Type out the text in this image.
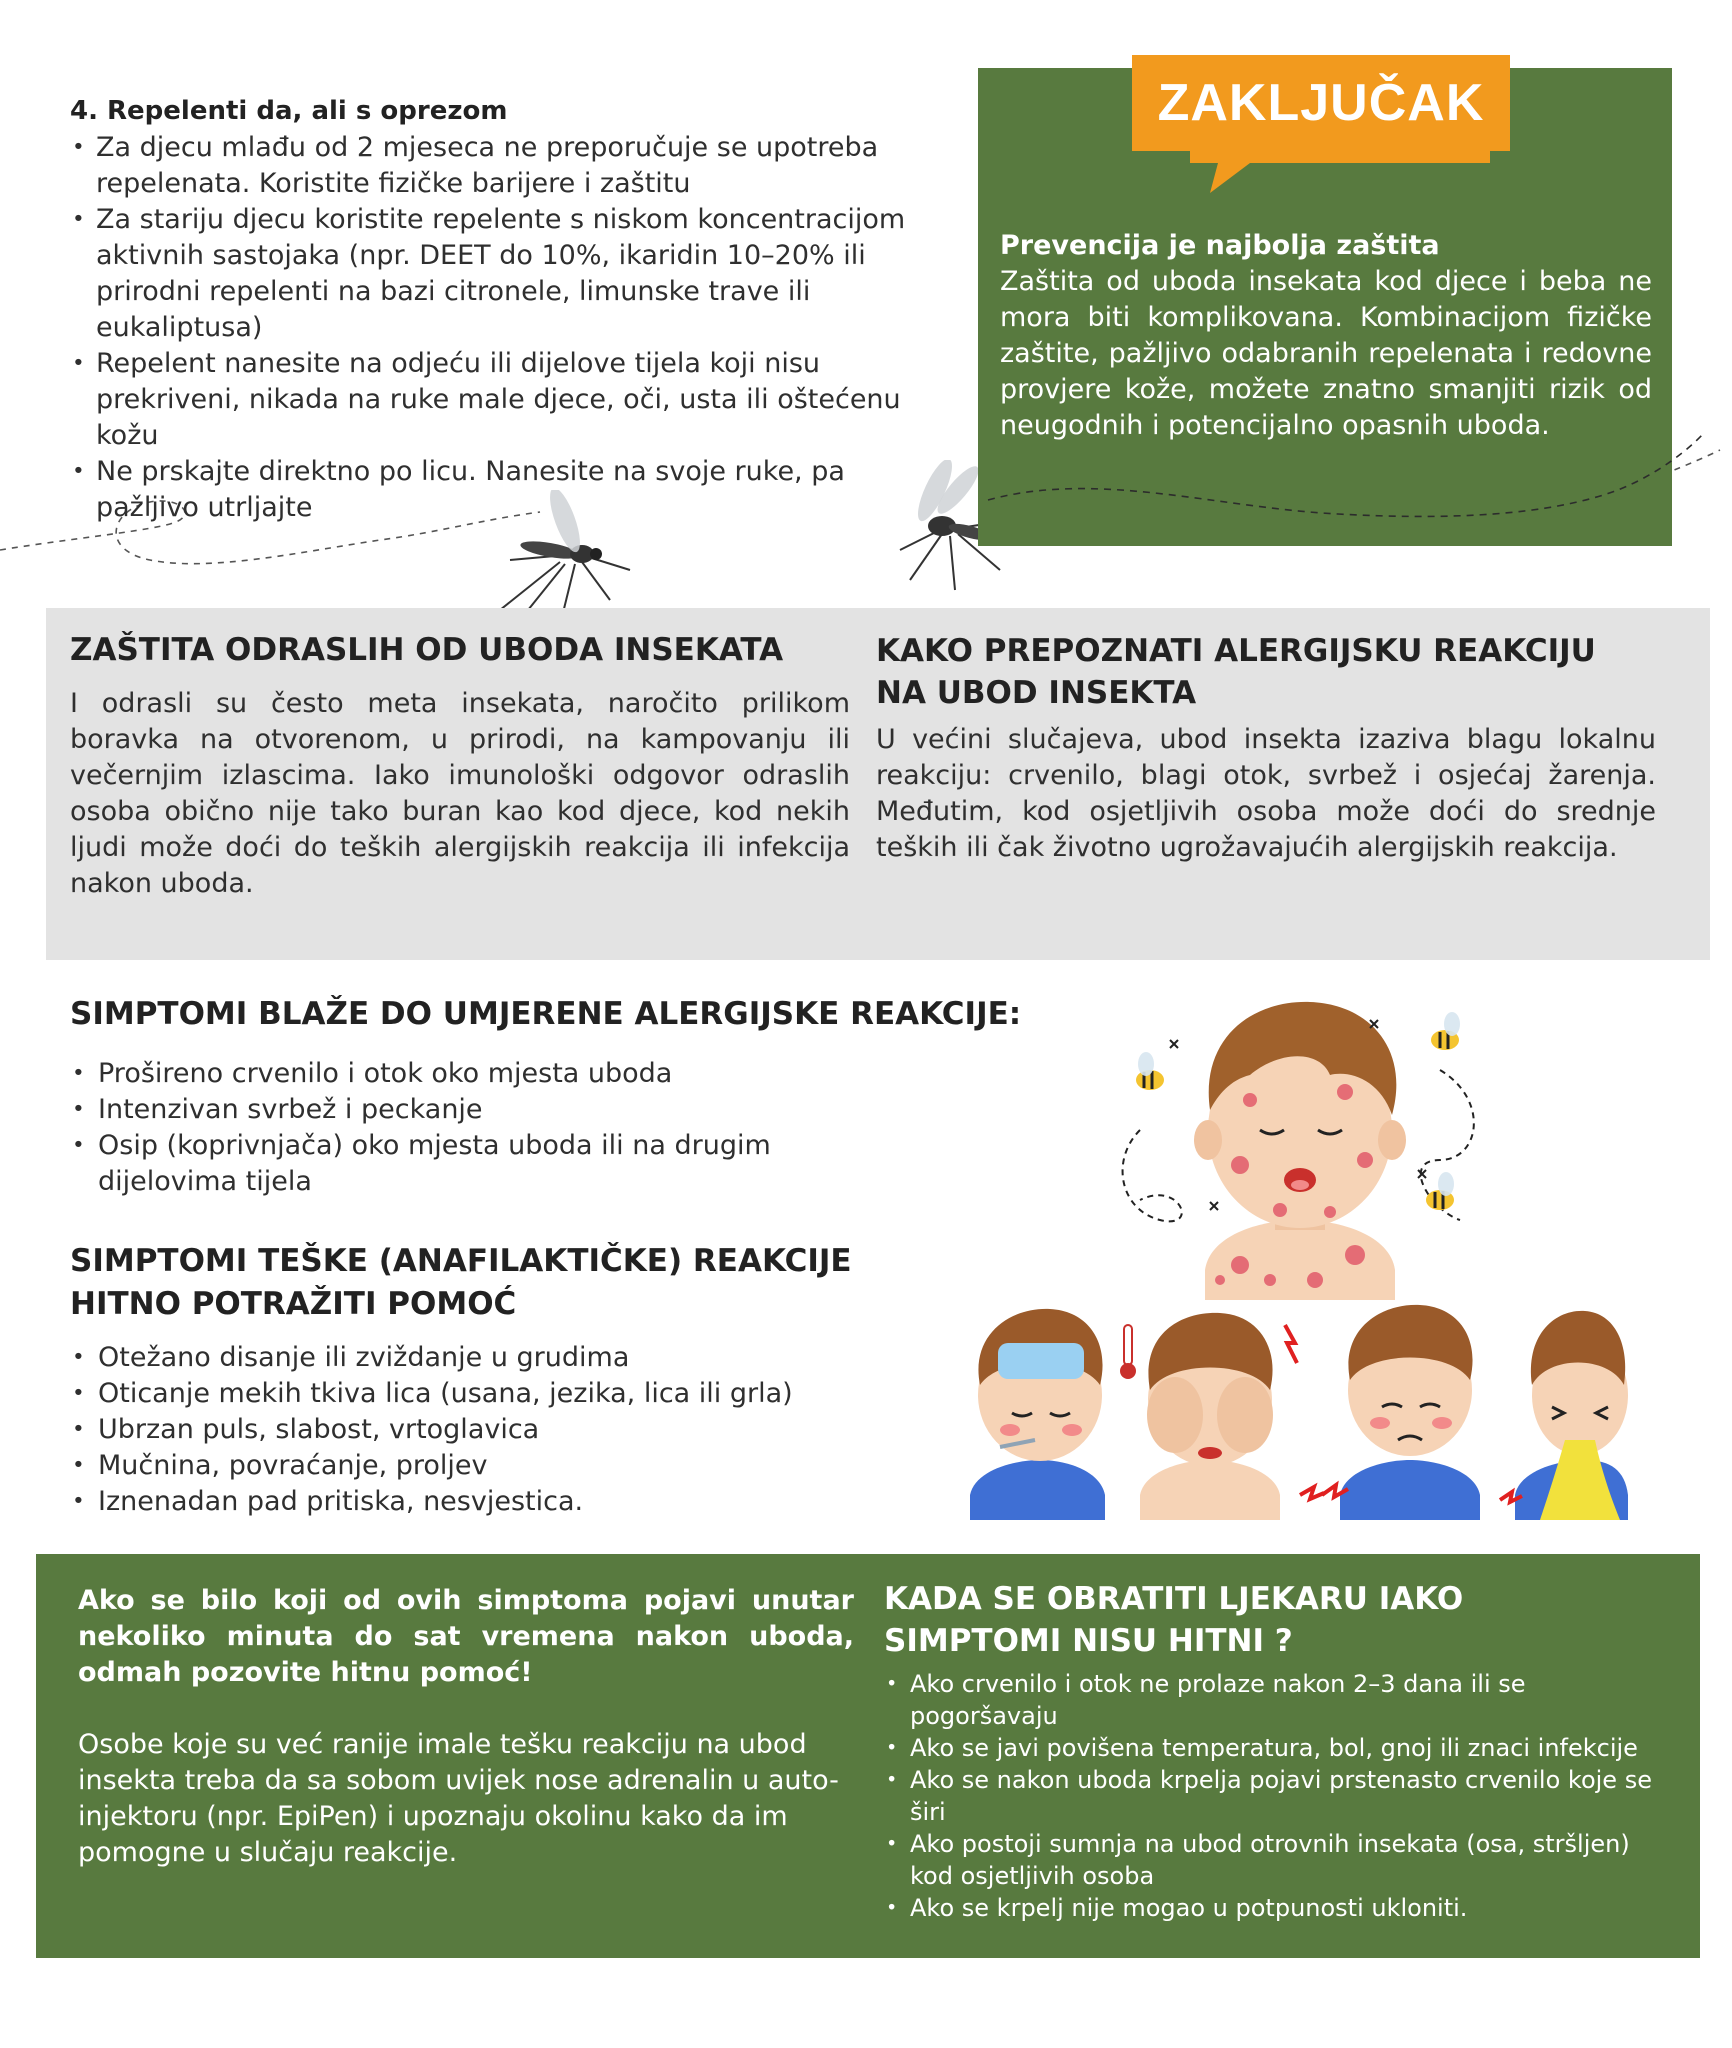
4. Repelenti da, ali s oprezom
• Za djecu mlađu od 2 mjeseca ne preporučuje se upotreba repelenata. Koristite fizičke barijere i zaštitu
• Za stariju djecu koristite repelente s niskom koncentracijom aktivnih sastojaka (npr. DEET do 10%, ikaridin 10–20% ili prirodni repelenti na bazi citronele, limunske trave ili eukaliptusa)
• Repelent nanesite na odjeću ili dijelove tijela koji nisu prekriveni, nikada na ruke male djece, oči, usta ili oštećenu kožu
• Ne prskajte direktno po licu. Nanesite na svoje ruke, pa pažljivo utrljajte
ZAKLJUČAK
Prevencija je najbolja zaštita

Zaštita od uboda insekata kod djece i beba ne mora biti komplikovana. Kombinacijom fizičke zaštite, pažljivo odabranih repelenata i redovne provjere kože, možete znatno smanjiti rizik od neugodnih i potencijalno opasnih uboda.

ZAŠTITA ODRASLIH OD UBODA INSEKATA

I odrasli su često meta insekata, naročito prilikom boravka na otvorenom, u prirodi, na kampovanju ili večernjim izlascima. Iako imunološki odgovor odraslih osoba obično nije tako buran kao kod djece, kod nekih ljudi može doći do teških alergijskih reakcija ili infekcija nakon uboda.

KAKO PREPOZNATI ALERGIJSKU REAKCIJU NA UBOD INSEKTA

U većini slučajeva, ubod insekta izaziva blagu lokalnu reakciju: crvenilo, blagi otok, svrbež i osjećaj žarenja. Međutim, kod osjetljivih osoba može doći do srednje teških ili čak životno ugrožavajućih alergijskih reakcija.

SIMPTOMI BLAŽE DO UMJERENE ALERGIJSKE REAKCIJE:
• Prošireno crvenilo i otok oko mjesta uboda
• Intenzivan svrbež i peckanje
• Osip (koprivnjača) oko mjesta uboda ili na drugim dijelovima tijela
SIMPTOMI TEŠKE (ANAFILAKTIČKE) REAKCIJE
HITNO POTRAŽITI POMOĆ
• Otežano disanje ili zviždanje u grudima
• Oticanje mekih tkiva lica (usana, jezika, lica ili grla)
• Ubrzan puls, slabost, vrtoglavica
• Mučnina, povraćanje, proljev
• Iznenadan pad pritiska, nesvjestica.

Ako se bilo koji od ovih simptoma pojavi unutar nekoliko minuta do sat vremena nakon uboda, odmah pozovite hitnu pomoć!

Osobe koje su već ranije imale tešku reakciju na ubod insekta treba da sa sobom uvijek nose adrenalin u auto-injektoru (npr. EpiPen) i upoznaju okolinu kako da im pomogne u slučaju reakcije.

KADA SE OBRATITI LJEKARU IAKO
SIMPTOMI NISU HITNI ?
• Ako crvenilo i otok ne prolaze nakon 2–3 dana ili se pogoršavaju
• Ako se javi povišena temperatura, bol, gnoj ili znaci infekcije
• Ako se nakon uboda krpelja pojavi prstenasto crvenilo koje se širi
• Ako postoji sumnja na ubod otrovnih insekata (osa, stršljen) kod osjetljivih osoba
• Ako se krpelj nije mogao u potpunosti ukloniti.
